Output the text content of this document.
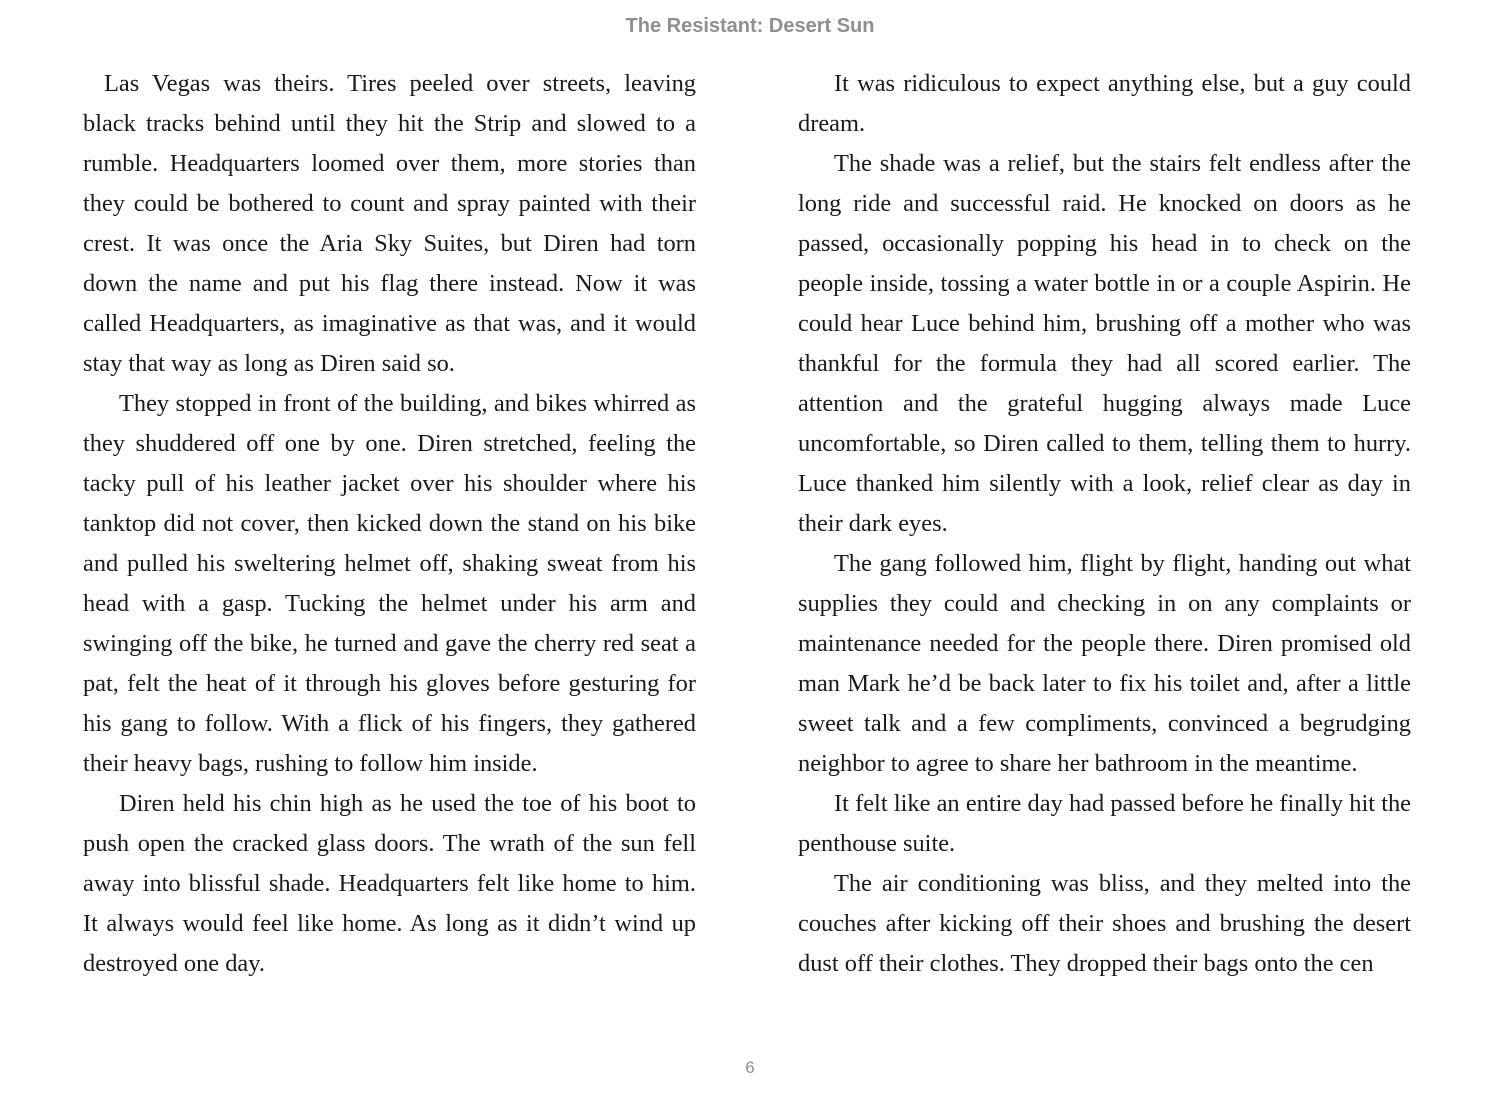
The Resistant: Desert Sun

Las Vegas was theirs. Tires peeled over streets, leaving black tracks behind until they hit the Strip and slowed to a rumble. Headquarters loomed over them, more stories than they could be bothered to count and spray painted with their crest. It was once the Aria Sky Suites, but Diren had torn down the name and put his flag there instead. Now it was called Headquarters, as imaginative as that was, and it would stay that way as long as Diren said so.

They stopped in front of the building, and bikes whirred as they shuddered off one by one. Diren stretched, feeling the tacky pull of his leather jacket over his shoulder where his tanktop did not cover, then kicked down the stand on his bike and pulled his sweltering helmet off, shaking sweat from his head with a gasp. Tucking the helmet under his arm and swinging off the bike, he turned and gave the cherry red seat a pat, felt the heat of it through his gloves before gesturing for his gang to follow. With a flick of his fingers, they gathered their heavy bags, rushing to follow him inside.

Diren held his chin high as he used the toe of his boot to push open the cracked glass doors. The wrath of the sun fell away into blissful shade. Headquarters felt like home to him. It always would feel like home. As long as it didn’t wind up destroyed one day.

It was ridiculous to expect anything else, but a guy could dream.

The shade was a relief, but the stairs felt endless after the long ride and successful raid. He knocked on doors as he passed, occasionally popping his head in to check on the people inside, tossing a water bottle in or a couple Aspirin. He could hear Luce behind him, brushing off a mother who was thankful for the formula they had all scored earlier. The attention and the grateful hugging always made Luce uncomfortable, so Diren called to them, telling them to hurry. Luce thanked him silently with a look, relief clear as day in their dark eyes.

The gang followed him, flight by flight, handing out what supplies they could and checking in on any complaints or maintenance needed for the people there. Diren promised old man Mark he’d be back later to fix his toilet and, after a little sweet talk and a few compliments, convinced a begrudging neighbor to agree to share her bathroom in the meantime.

It felt like an entire day had passed before he finally hit the penthouse suite.

The air conditioning was bliss, and they melted into the couches after kicking off their shoes and brushing the desert dust off their clothes. They dropped their bags onto the cen

6
